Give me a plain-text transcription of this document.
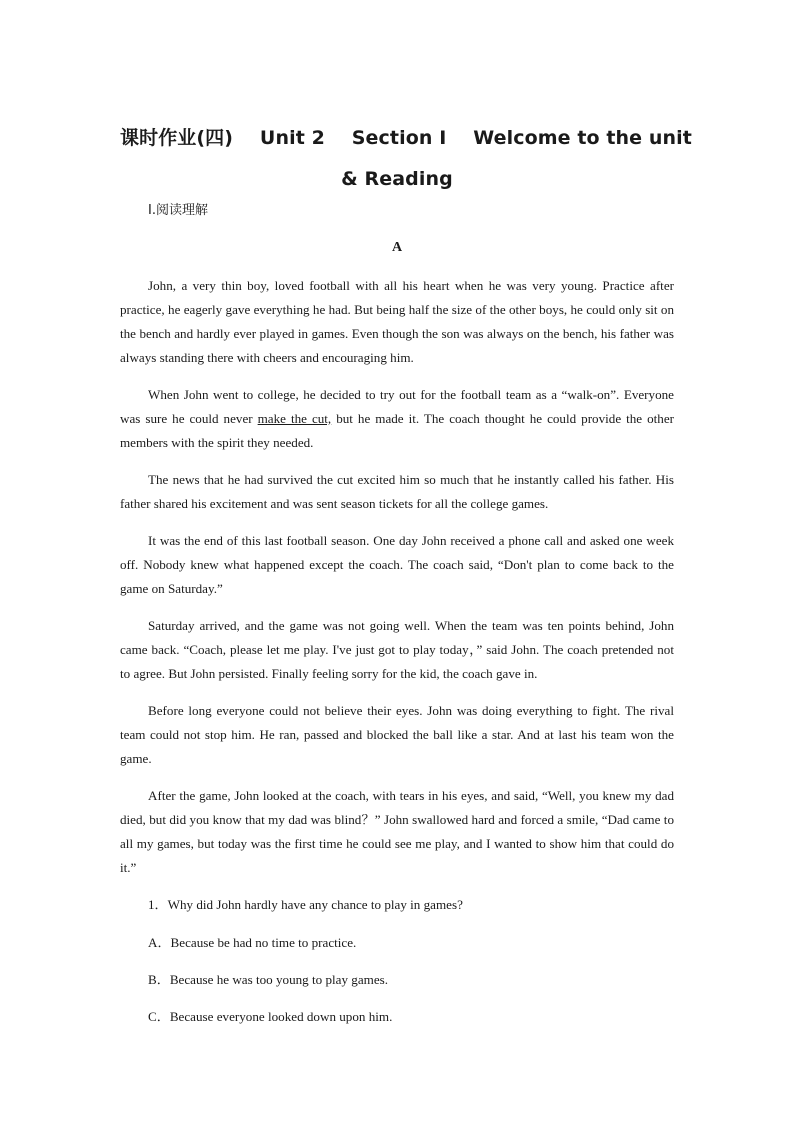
课时作业(四)    Unit 2    Section Ⅰ    Welcome to the unit
& Reading
Ⅰ.阅读理解
A

John, a very thin boy, loved football with all his heart when he was very young. Practice after practice, he eagerly gave everything he had. But being half the size of the other boys, he could only sit on the bench and hardly ever played in games. Even though the son was always on the bench, his father was always standing there with cheers and encouraging him.

When John went to college, he decided to try out for the football team as a “walk-on”. Everyone was sure he could never make the cut, but he made it. The coach thought he could provide the other members with the spirit they needed.

The news that he had survived the cut excited him so much that he instantly called his father. His father shared his excitement and was sent season tickets for all the college games.

It was the end of this last football season. One day John received a phone call and asked one week off. Nobody knew what happened except the coach. The coach said, “Don't plan to come back to the game on Saturday.”

Saturday arrived, and the game was not going well. When the team was ten points behind, John came back. “Coach, please let me play. I've just got to play today，” said John. The coach pretended not to agree. But John persisted. Finally feeling sorry for the kid, the coach gave in.

Before long everyone could not believe their eyes. John was doing everything to fight. The rival team could not stop him. He ran, passed and blocked the ball like a star. And at last his team won the game.

After the game, John looked at the coach, with tears in his eyes, and said, “Well, you knew my dad died, but did you know that my dad was blind？” John swallowed hard and forced a smile, “Dad came to all my games, but today was the first time he could see me play, and I wanted to show him that could do it.”

1．Why did John hardly have any chance to play in games?

A．Because be had no time to practice.

B．Because he was too young to play games.

C．Because everyone looked down upon him.
